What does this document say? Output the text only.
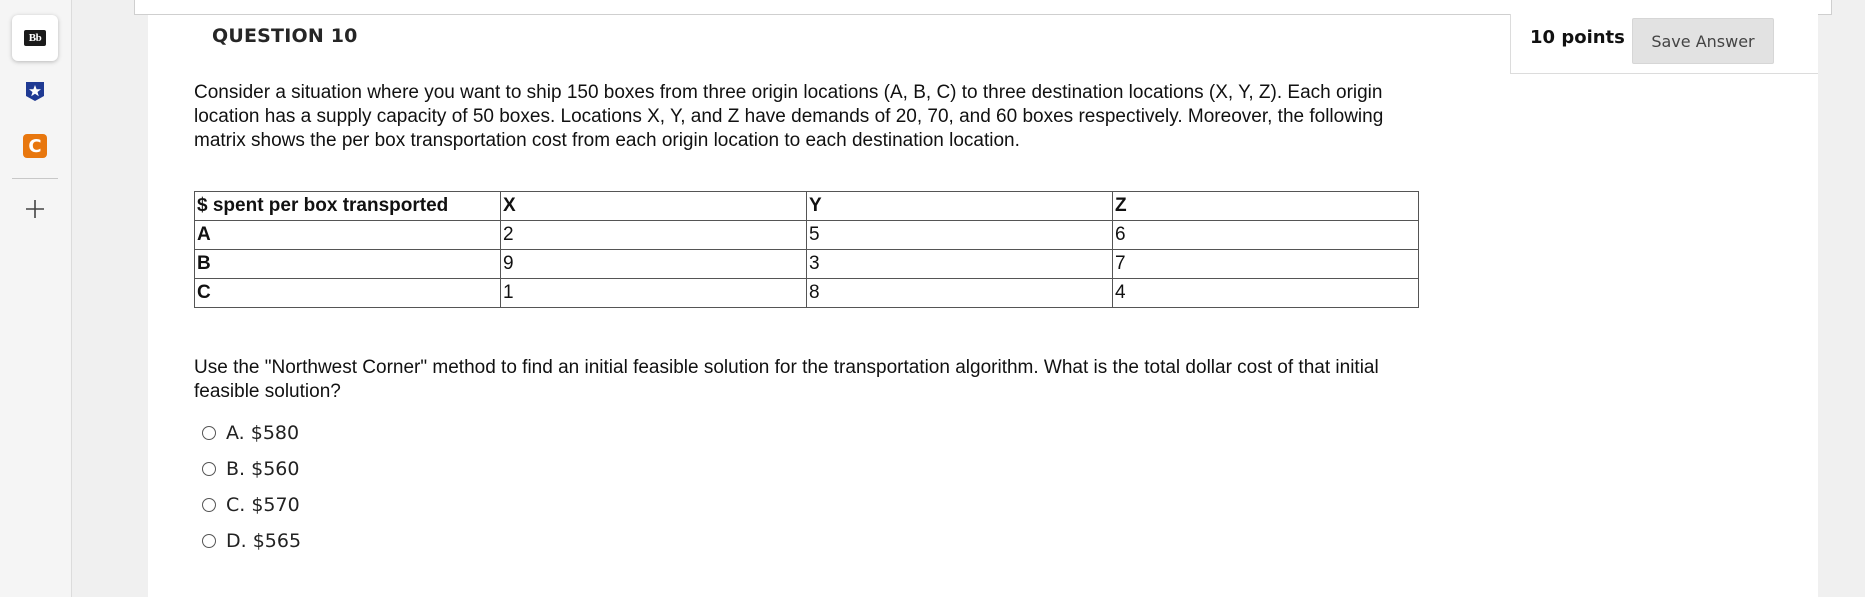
Bb
C
QUESTION 10	10 points	Save Answer
Consider a situation where you want to ship 150 boxes from three origin locations (A, B, C) to three destination locations (X, Y, Z). Each origin location has a supply capacity of 50 boxes. Locations X, Y, and Z have demands of 20, 70, and 60 boxes respectively. Moreover, the following matrix shows the per box transportation cost from each origin location to each destination location.
$ spent per box transported	X	Y	Z
A	2	5	6
B	9	3	7
C	1	8	4
Use the "Northwest Corner" method to find an initial feasible solution for the transportation algorithm. What is the total dollar cost of that initial feasible solution?
A. $580
B. $560
C. $570
D. $565
